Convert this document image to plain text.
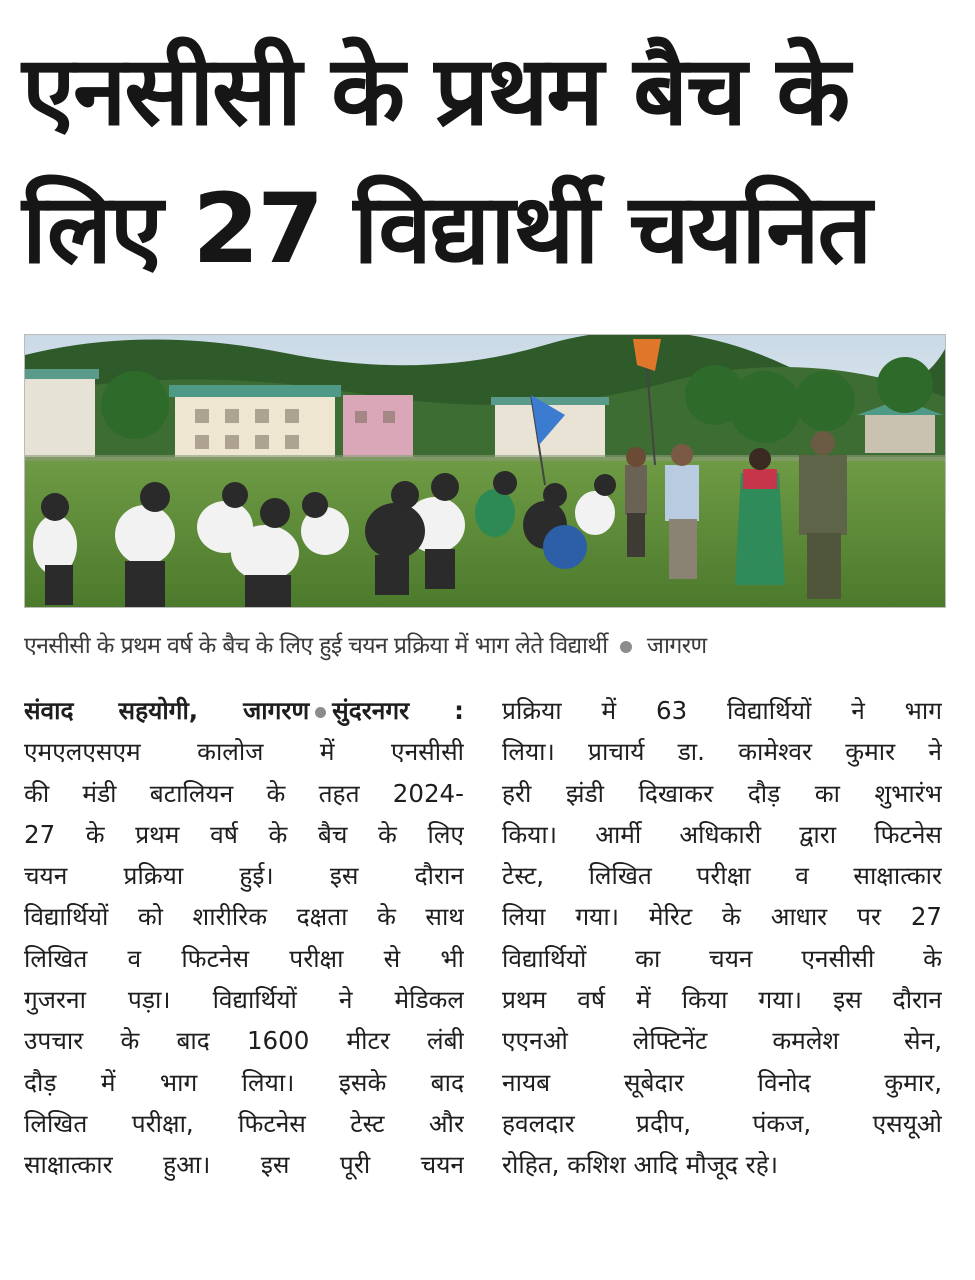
एनसीसी के प्रथम बैच के
लिए 27 विद्यार्थी चयनित
एनसीसी के प्रथम वर्ष के बैच के लिए हुई चयन प्रक्रिया में भाग लेते विद्यार्थी जागरण
संवाद सहयोगी, जागरण सुंदरनगर :
एमएलएसएम कालोज में एनसीसी
की मंडी बटालियन के तहत 2024-
27 के प्रथम वर्ष के बैच के लिए
चयन प्रक्रिया हुई। इस दौरान
विद्यार्थियों को शारीरिक दक्षता के साथ
लिखित व फिटनेस परीक्षा से भी
गुजरना पड़ा। विद्यार्थियों ने मेडिकल
उपचार के बाद 1600 मीटर लंबी
दौड़ में भाग लिया। इसके बाद
लिखित परीक्षा, फिटनेस टेस्ट और
साक्षात्कार हुआ। इस पूरी चयन
प्रक्रिया में 63 विद्यार्थियों ने भाग
लिया। प्राचार्य डा. कामेश्वर कुमार ने
हरी झंडी दिखाकर दौड़ का शुभारंभ
किया। आर्मी अधिकारी द्वारा फिटनेस
टेस्ट, लिखित परीक्षा व साक्षात्कार
लिया गया। मेरिट के आधार पर 27
विद्यार्थियों का चयन एनसीसी के
प्रथम वर्ष में किया गया। इस दौरान
एएनओ लेफ्टिनेंट कमलेश सेन,
नायब सूबेदार विनोद कुमार,
हवलदार प्रदीप, पंकज, एसयूओ
रोहित, कशिश आदि मौजूद रहे।
